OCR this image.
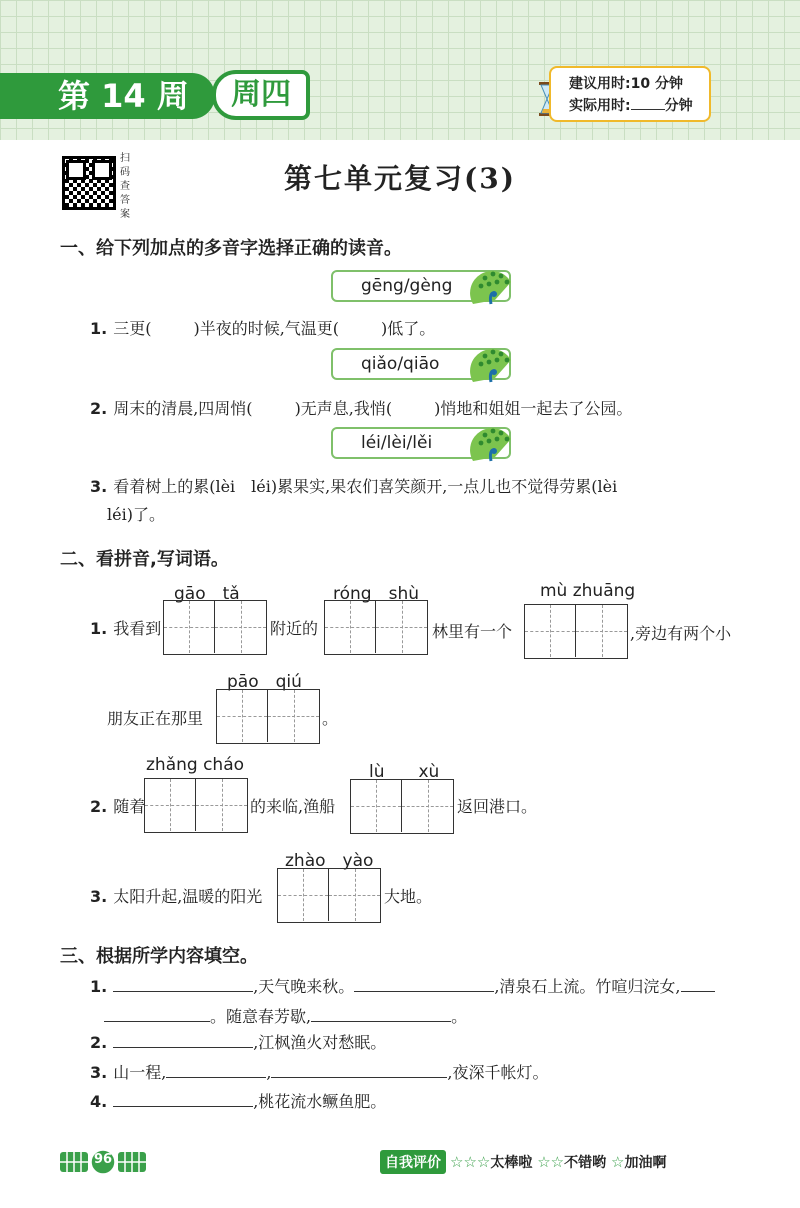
第 14 周	周四	建议用时:10 分钟
实际用时: 分钟
扫码查答案
第七单元复习(3)
一、给下列加点的多音字选择正确的读音。
gēng/gèng
1. 三更(	)半夜的时候,气温更(	)低了。
qiǎo/qiāo
2. 周末的清晨,四周悄(	)无声息,我悄(	)悄地和姐姐一起去了公园。
léi/lèi/lěi
3. 看着树上的累(lèi　léi)累果实,果农们喜笑颜开,一点儿也不觉得劳累(lèi
léi)了。
二、看拼音,写词语。
gāo　tǎ	róng　shù	mù zhuāng
1. 我看到	附近的	林里有一个	,旁边有两个小
pāo　qiú
朋友正在那里	。
zhǎng cháo	lù　　xù
2. 随着	的来临,渔船	返回港口。
zhào　yào
3. 太阳升起,温暖的阳光	大地。
三、根据所学内容填空。
1.	,天气晚来秋。	,清泉石上流。竹喧归浣女,
。随意春芳歇,	。
2.	,江枫渔火对愁眠。
3. 山一程,	,	,夜深千帐灯。
4.	,桃花流水鳜鱼肥。
96	自我评价 ☆☆☆太棒啦 ☆☆不错哟 ☆加油啊
